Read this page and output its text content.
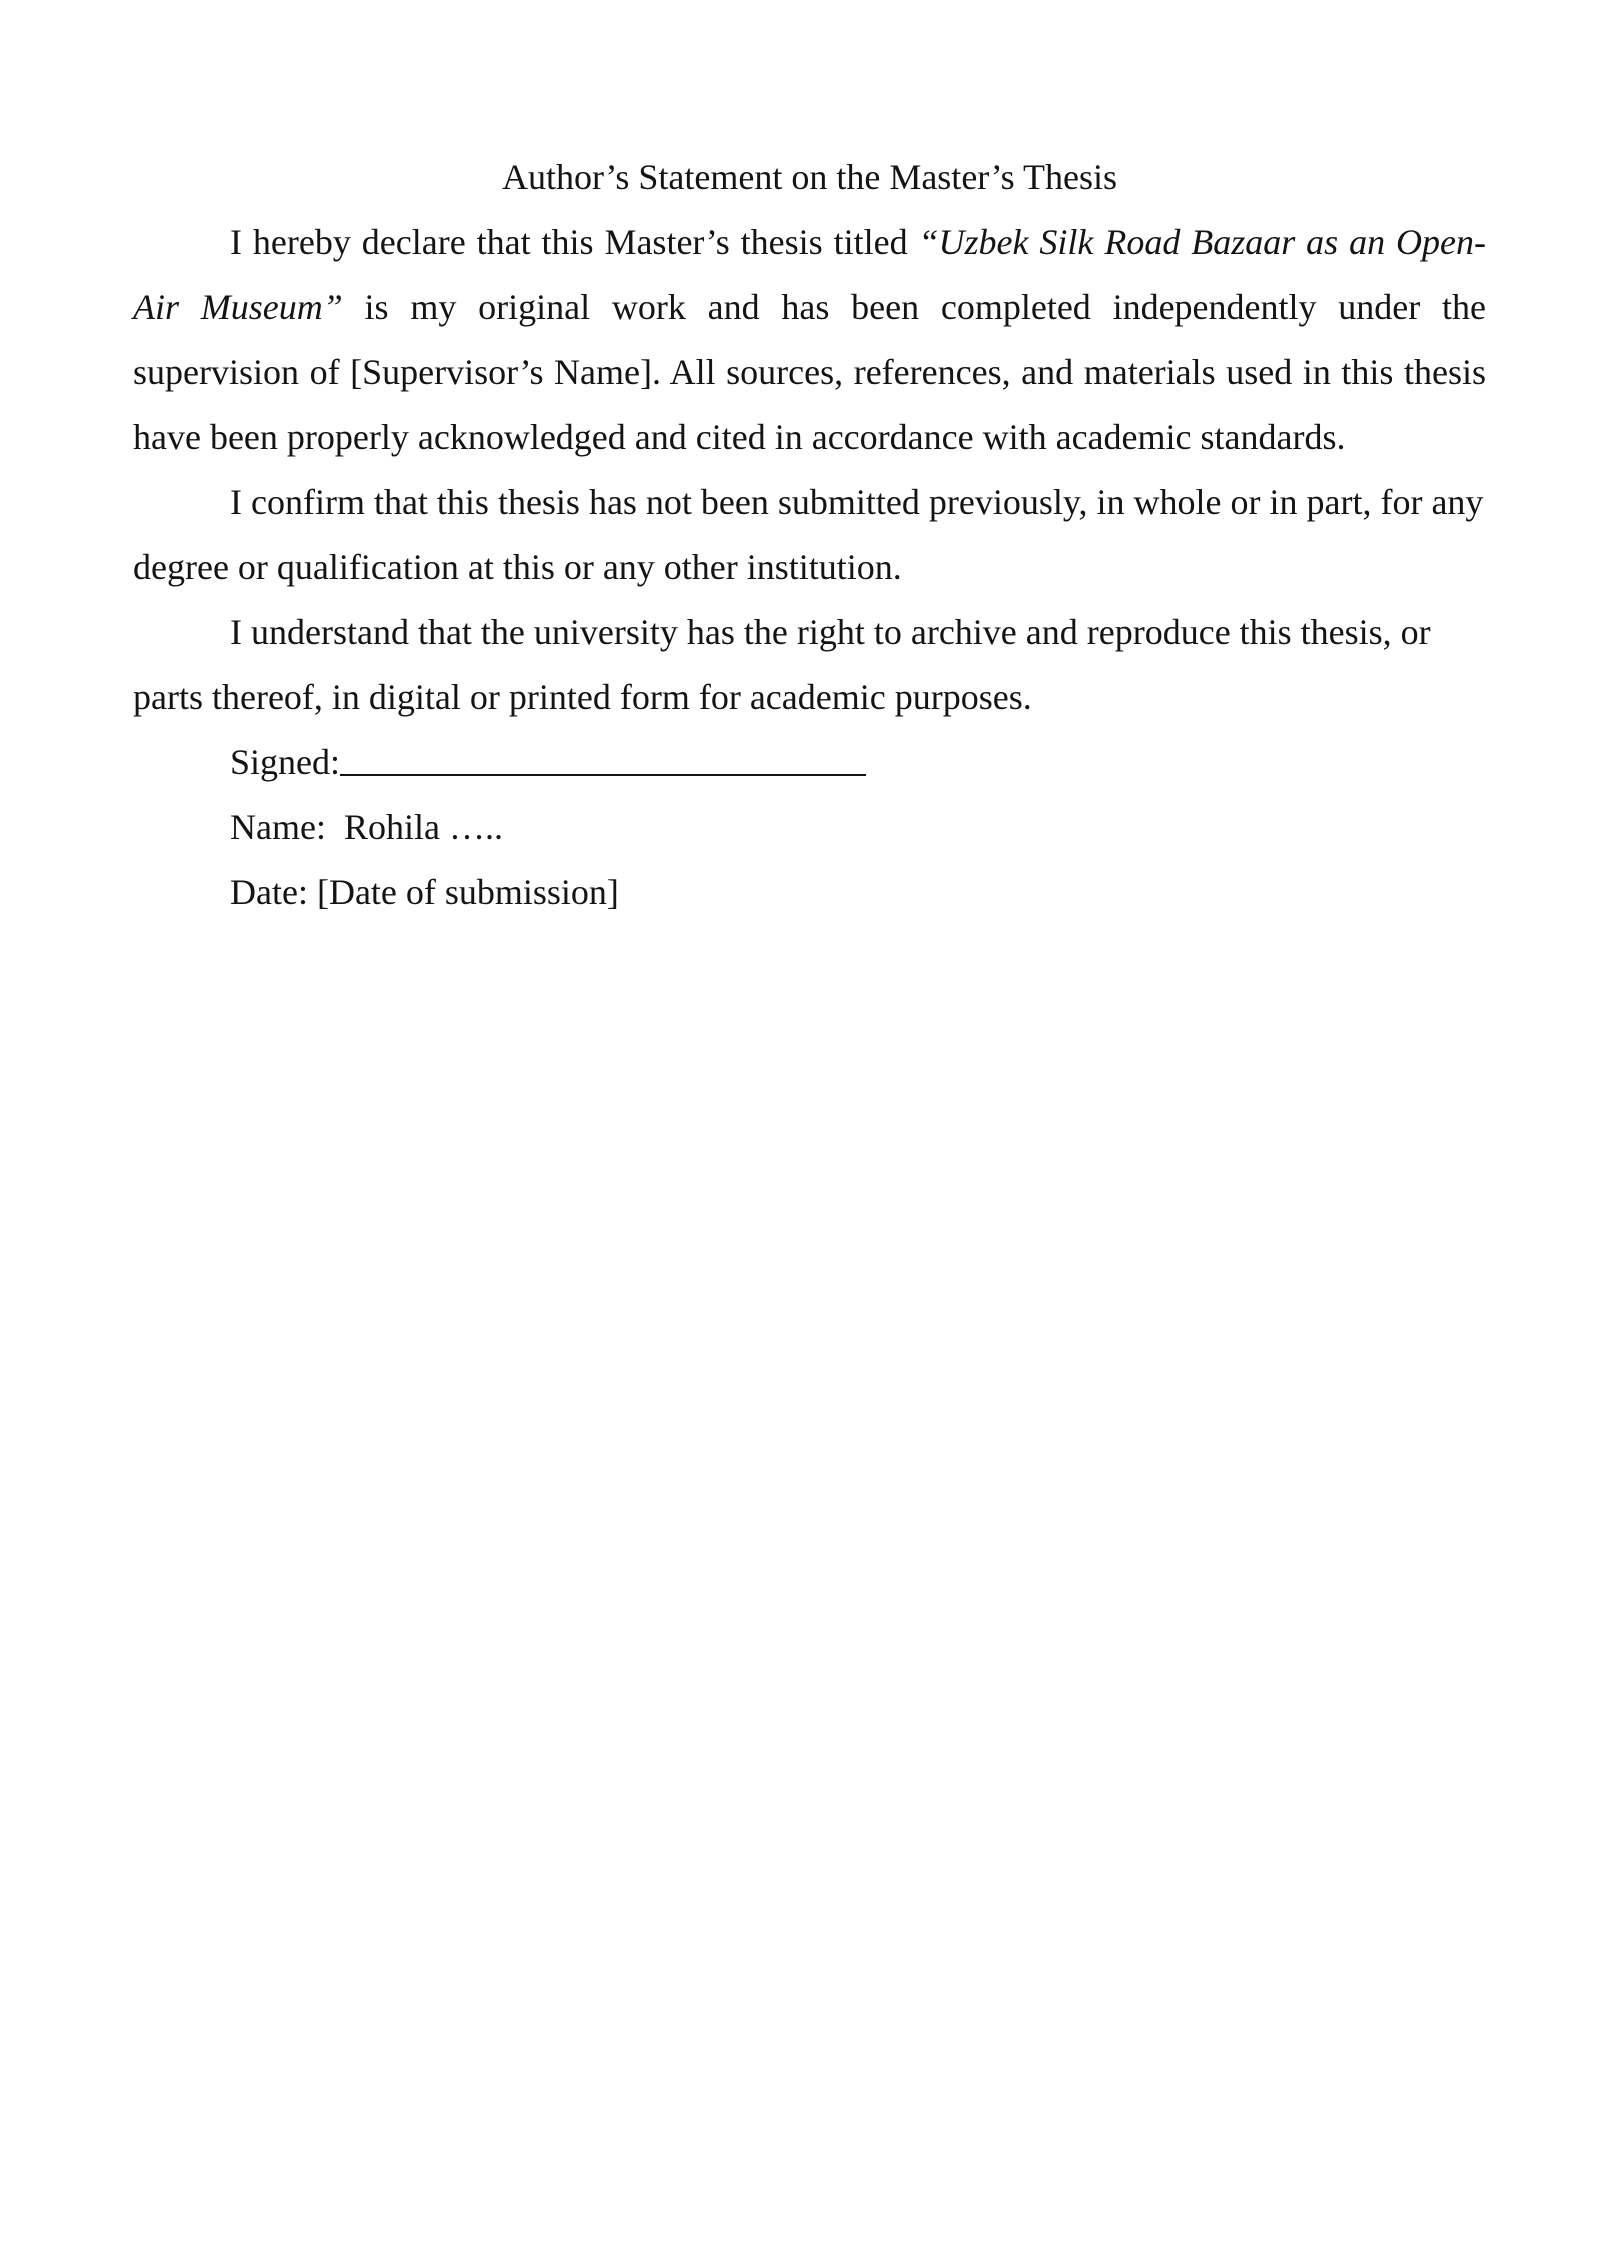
Author’s Statement on the Master’s Thesis

I hereby declare that this Master’s thesis titled “Uzbek Silk Road Bazaar as an Open-Air Museum” is my original work and has been completed independently under the supervision of [Supervisor’s Name]. All sources, references, and materials used in this thesis have been properly acknowledged and cited in accordance with academic standards.

I confirm that this thesis has not been submitted previously, in whole or in part, for any degree or qualification at this or any other institution.

I understand that the university has the right to archive and reproduce this thesis, or parts thereof, in digital or printed form for academic purposes.

Signed:

Name:  Rohila …..

Date: [Date of submission]
